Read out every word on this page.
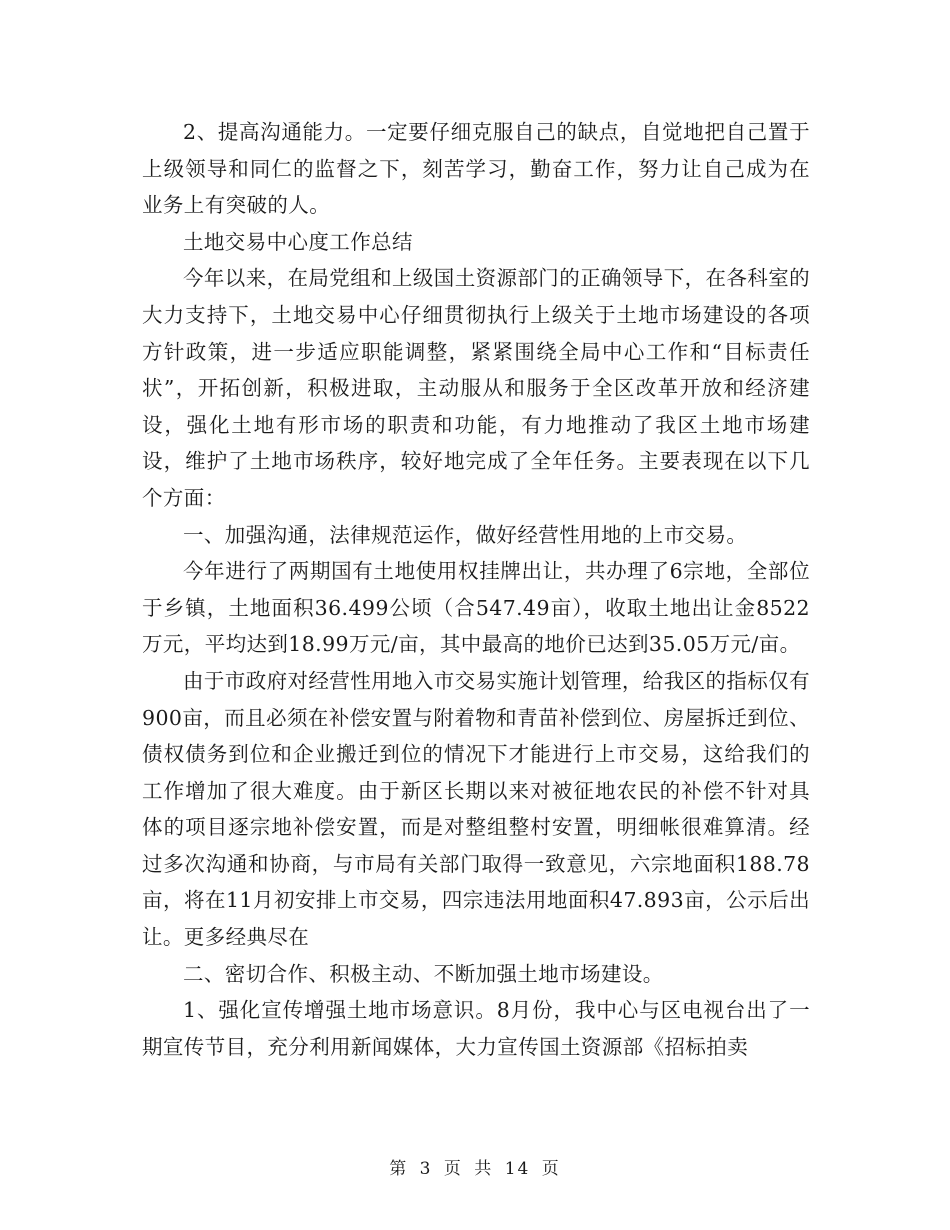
2、提高沟通能力。一定要仔细克服自己的缺点，自觉地把自己置于上级领导和同仁的监督之下，刻苦学习，勤奋工作，努力让自己成为在业务上有突破的人。

土地交易中心度工作总结

今年以来，在局党组和上级国土资源部门的正确领导下，在各科室的大力支持下，土地交易中心仔细贯彻执行上级关于土地市场建设的各项方针政策，进一步适应职能调整，紧紧围绕全局中心工作和“目标责任状”，开拓创新，积极进取，主动服从和服务于全区改革开放和经济建设，强化土地有形市场的职责和功能，有力地推动了我区土地市场建设，维护了土地市场秩序，较好地完成了全年任务。主要表现在以下几个方面：

一、加强沟通，法律规范运作，做好经营性用地的上市交易。

今年进行了两期国有土地使用权挂牌出让，共办理了6宗地，全部位于乡镇，土地面积36.499公顷（合547.49亩），收取土地出让金8522万元，平均达到18.99万元/亩，其中最高的地价已达到35.05万元/亩。

由于市政府对经营性用地入市交易实施计划管理，给我区的指标仅有900亩，而且必须在补偿安置与附着物和青苗补偿到位、房屋拆迁到位、债权债务到位和企业搬迁到位的情况下才能进行上市交易，这给我们的工作增加了很大难度。由于新区长期以来对被征地农民的补偿不针对具体的项目逐宗地补偿安置，而是对整组整村安置，明细帐很难算清。经过多次沟通和协商，与市局有关部门取得一致意见，六宗地面积188.78亩，将在11月初安排上市交易，四宗违法用地面积47.893亩，公示后出让。更多经典尽在

二、密切合作、积极主动、不断加强土地市场建设。

1、强化宣传增强土地市场意识。8月份，我中心与区电视台出了一期宣传节目，充分利用新闻媒体，大力宣传国土资源部《招标拍卖

第 3 页 共 14 页
